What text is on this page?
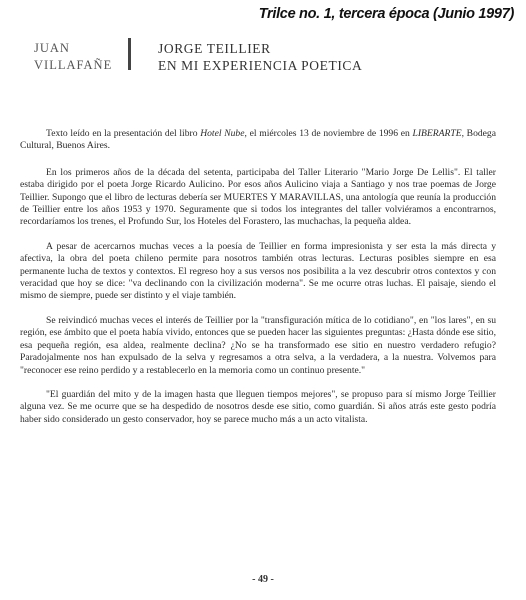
Trilce no. 1, tercera época (Junio 1997)
JUAN
VILLAFAÑE
JORGE TEILLIER
EN MI EXPERIENCIA POETICA

Texto leído en la presentación del libro Hotel Nube, el miércoles 13 de noviembre de 1996 en LIBERARTE, Bodega Cultural, Buenos Aires.

En los primeros años de la década del setenta, participaba del Taller Literario "Mario Jorge De Lellis". El taller estaba dirigido por el poeta Jorge Ricardo Aulicino. Por esos años Aulicino viaja a Santiago y nos trae poemas de Jorge Teillier. Supongo que el libro de lecturas debería ser MUERTES Y MARAVILLAS, una antología que reunía la producción de Teillier entre los años 1953 y 1970. Seguramente que si todos los integrantes del taller volviéramos a encontrarnos, recordaríamos los trenes, el Profundo Sur, los Hoteles del Forastero, las muchachas, la pequeña aldea.

A pesar de acercarnos muchas veces a la poesía de Teillier en forma impresionista y ser esta la más directa y afectiva, la obra del poeta chileno permite para nosotros también otras lecturas. Lecturas posibles siempre en esa permanente lucha de textos y contextos. El regreso hoy a sus versos nos posibilita a la vez descubrir otros contextos y con veracidad que hoy se dice: "va declinando con la civilización moderna". Se me ocurre otras luchas. El paisaje, siendo el mismo de siempre, puede ser distinto y el viaje también.

Se reivindicó muchas veces el interés de Teillier por la "transfiguración mítica de lo cotidiano", en "los lares", en su región, ese ámbito que el poeta había vivido, entonces que se pueden hacer las siguientes preguntas: ¿Hasta dónde ese sitio, esa pequeña región, esa aldea, realmente declina? ¿No se ha transformado ese sitio en nuestro verdadero refugio? Paradojalmente nos han expulsado de la selva y regresamos a otra selva, a la verdadera, a la nuestra. Volvemos para "reconocer ese reino perdido y a restablecerlo en la memoria como un continuo presente."

"El guardián del mito y de la imagen hasta que lleguen tiempos mejores", se propuso para sí mismo Jorge Teillier alguna vez. Se me ocurre que se ha despedido de nosotros desde ese sitio, como guardián. Si años atrás este gesto podría haber sido considerado un gesto conservador, hoy se parece mucho más a un acto vitalista.

- 49 -
